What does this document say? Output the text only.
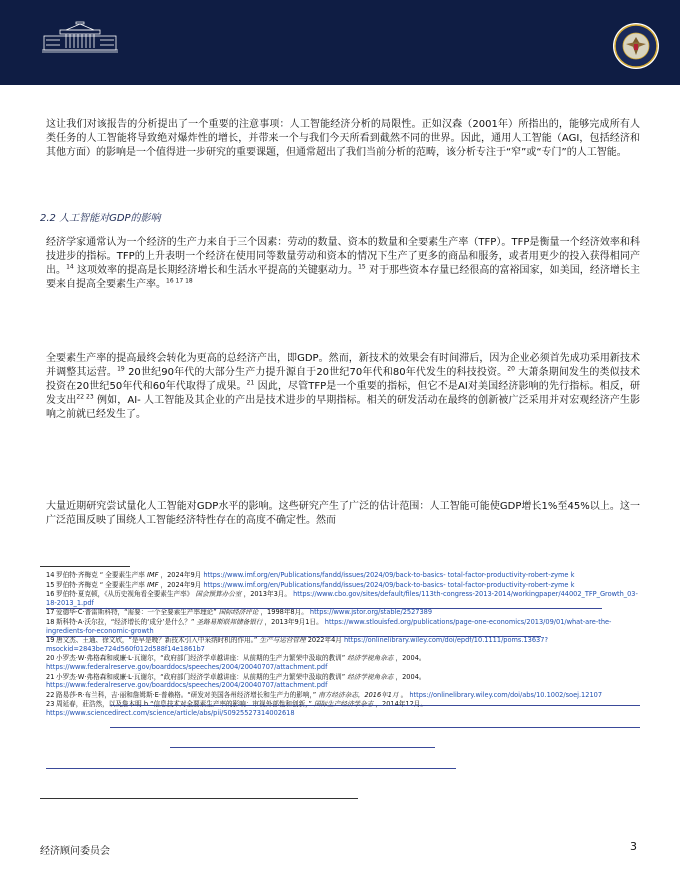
这让我们对该报告的分析提出了一个重要的注意事项：人工智能经济分析的局限性。正如汉森（2001年）所指出的，能够完成所有人类任务的人工智能将导致绝对爆炸性的增长，并带来一个与我们今天所看到截然不同的世界。因此，通用人工智能（AGI，包括经济和其他方面）的影响是一个值得进一步研究的重要课题，但通常超出了我们当前分析的范畴，该分析专注于“窄”或“专门”的人工智能。

2.2 人工智能对GDP的影响

经济学家通常认为一个经济的生产力来自于三个因素：劳动的数量、资本的数量和全要素生产率（TFP）。TFP是衡量一个经济效率和科技进步的指标。TFP的上升表明一个经济在使用同等数量劳动和资本的情况下生产了更多的商品和服务，或者用更少的投入获得相同产出。$^{14}$ 这项效率的提高是长期经济增长和生活水平提高的关键驱动力。$^{15}$ 对于那些资本存量已经很高的富裕国家，如美国，经济增长主要来自提高全要素生产率。$^{16 17 18}$

全要素生产率的提高最终会转化为更高的总经济产出，即GDP。然而，新技术的效果会有时间滞后，因为企业必须首先成功采用新技术并调整其运营。$^{19}$ 20世纪90年代的大部分生产力提升源自于20世纪70年代和80年代发生的科技投资。$^{20}$ 大萧条期间发生的类似技术投资在20世纪50年代和60年代取得了成果。$^{21}$ 因此，尽管TFP是一个重要的指标，但它不是AI对美国经济影响的先行指标。相反，研发支出$^{22 23}$ 例如，AI- 人工智能及其企业的产出是技术进步的早期指标。相关的研发活动在最终的创新被广泛采用并对宏观经济产生影响之前就已经发生了。

大量近期研究尝试量化人工智能对GDP水平的影响。这些研究产生了广泛的估计范围：人工智能可能使GDP增长1%至45%以上。这一广泛范围反映了围绕人工智能经济特性存在的高度不确定性。然而

14 罗伯特·齐梅克 “ 全要素生产率 IMF ，2024年9月 https://www.imf.org/en/Publications/fandd/issues/2024/09/back-to-basics- total-factor-productivity-robert-zyme k
15 罗伯特·齐梅克 “ 全要素生产率 IMF ，2024年9月 https://www.imf.org/en/Publications/fandd/issues/2024/09/back-to-basics- total-factor-productivity-robert-zyme k
16 罗伯特·夏克顿，《从历史视角看全要素生产率》 国会预算办公室 ，2013年3月。 https://www.cbo.gov/sites/default/files/113th-congress-2013-2014/workingpaper/44002_TFP_Growth_03-18-2013_1.pdf
17 爱德华·C·普雷斯科特，“需要：一个全要素生产率理论” 国际经济评论 ，1998年8月。 https://www.jstor.org/stable/2527389
18 斯科特·A·沃尔拉，“经济增长的‘成分’是什么？” 圣路易斯联邦储备银行 ，2013年9月1日。 https://www.stlouisfed.org/publications/page-one-economics/2013/09/01/what-are-the-ingredients-for-economic-growth
19 唐文杰、王通、徐文欣，“是早是晚？新技术引入中采纳时机的作用。” 生产与运营管理 2022年4月 https://onlinelibrary.wiley.com/doi/epdf/10.1111/poms.13637?msockid=2843be724d560f012d588f14e1861b7
20 小罗杰·W·弗格森和威廉·L·瓦谢尔，“政府部门经济学卓越讲座：从前期的生产力繁荣中汲取的教训” 经济学视角杂志 ，2004。 https://www.federalreserve.gov/boarddocs/speeches/2004/20040707/attachment.pdf
21 小罗杰·W·弗格森和威廉·L·瓦谢尔，“政府部门经济学卓越讲座：从前期的生产力繁荣中汲取的教训” 经济学视角杂志 ，2004。 https://www.federalreserve.gov/boarddocs/speeches/2004/20040707/attachment.pdf
22 路易莎·R·布兰科，吉·丽和詹姆斯·E·普赖格。“研发对美国各州经济增长和生产力的影响，” 南方经济杂志，2016年1月 。 https://onlinelibrary.wiley.com/doi/abs/10.1002/soej.12107
23 周延春，莊浩然，以及詹本明 b.“信息技术对全要素生产率的影响：审视外部性和创新，” 国际生产经济学杂志 ，2014年12月。 https://www.sciencedirect.com/science/article/abs/pii/S0925527314002618
经济顾问委员会	3
